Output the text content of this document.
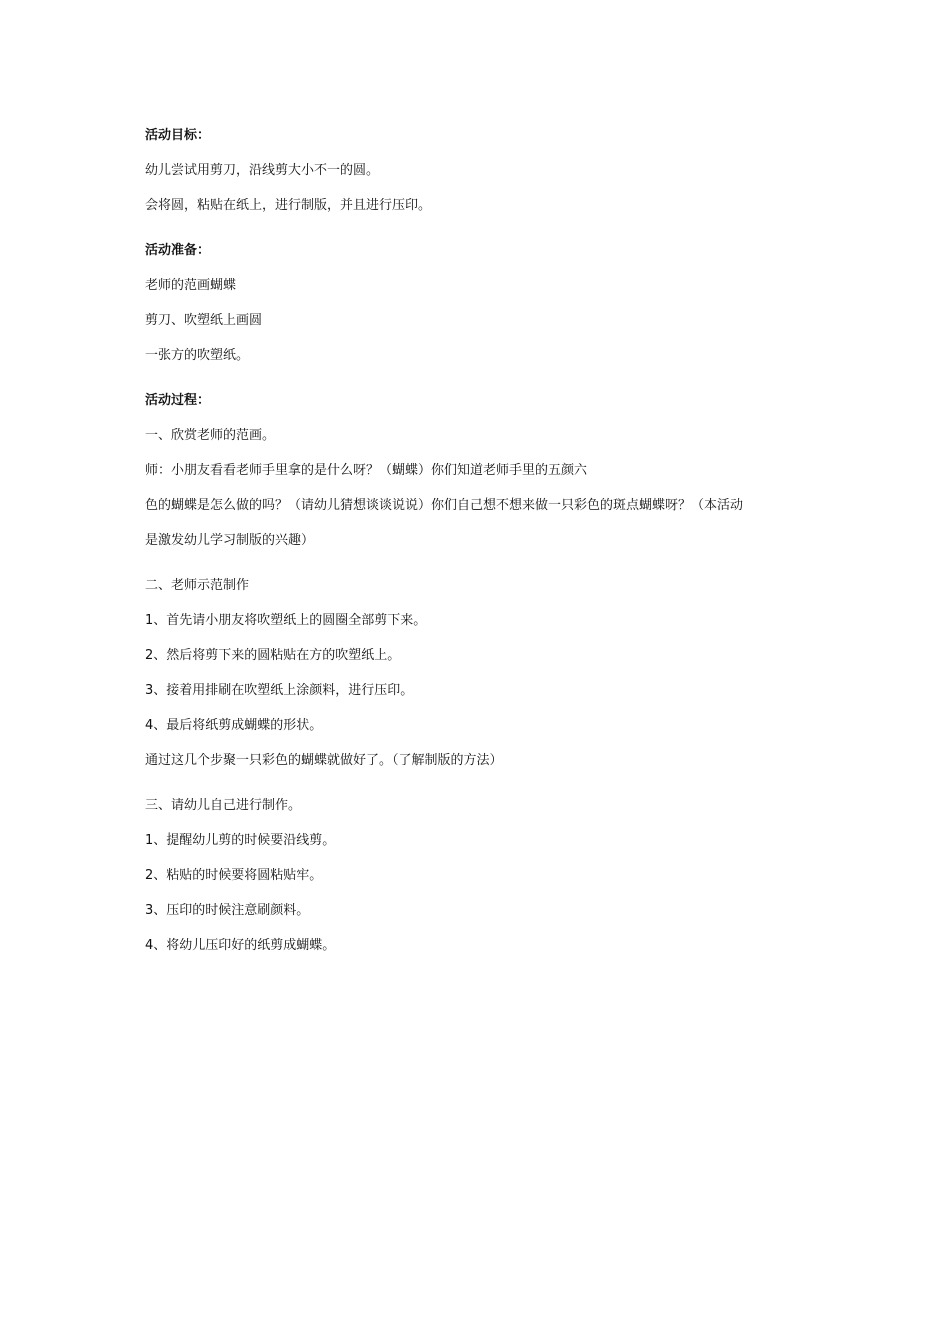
活动目标：

幼儿尝试用剪刀，沿线剪大小不一的圆。

会将圆，粘贴在纸上，进行制版，并且进行压印。

活动准备：

老师的范画蝴蝶

剪刀、吹塑纸上画圆

一张方的吹塑纸。

活动过程：

一、欣赏老师的范画。

师：小朋友看看老师手里拿的是什么呀？（蝴蝶）你们知道老师手里的五颜六

色的蝴蝶是怎么做的吗？（请幼儿猜想谈谈说说）你们自己想不想来做一只彩色的斑点蝴蝶呀？（本活动

是激发幼儿学习制版的兴趣）

二、老师示范制作

1、首先请小朋友将吹塑纸上的圆圈全部剪下来。

2、然后将剪下来的圆粘贴在方的吹塑纸上。

3、接着用排刷在吹塑纸上涂颜料，进行压印。

4、最后将纸剪成蝴蝶的形状。

通过这几个步聚一只彩色的蝴蝶就做好了。（了解制版的方法）

三、请幼儿自己进行制作。

1、提醒幼儿剪的时候要沿线剪。

2、粘贴的时候要将圆粘贴牢。

3、压印的时候注意刷颜料。

4、将幼儿压印好的纸剪成蝴蝶。
